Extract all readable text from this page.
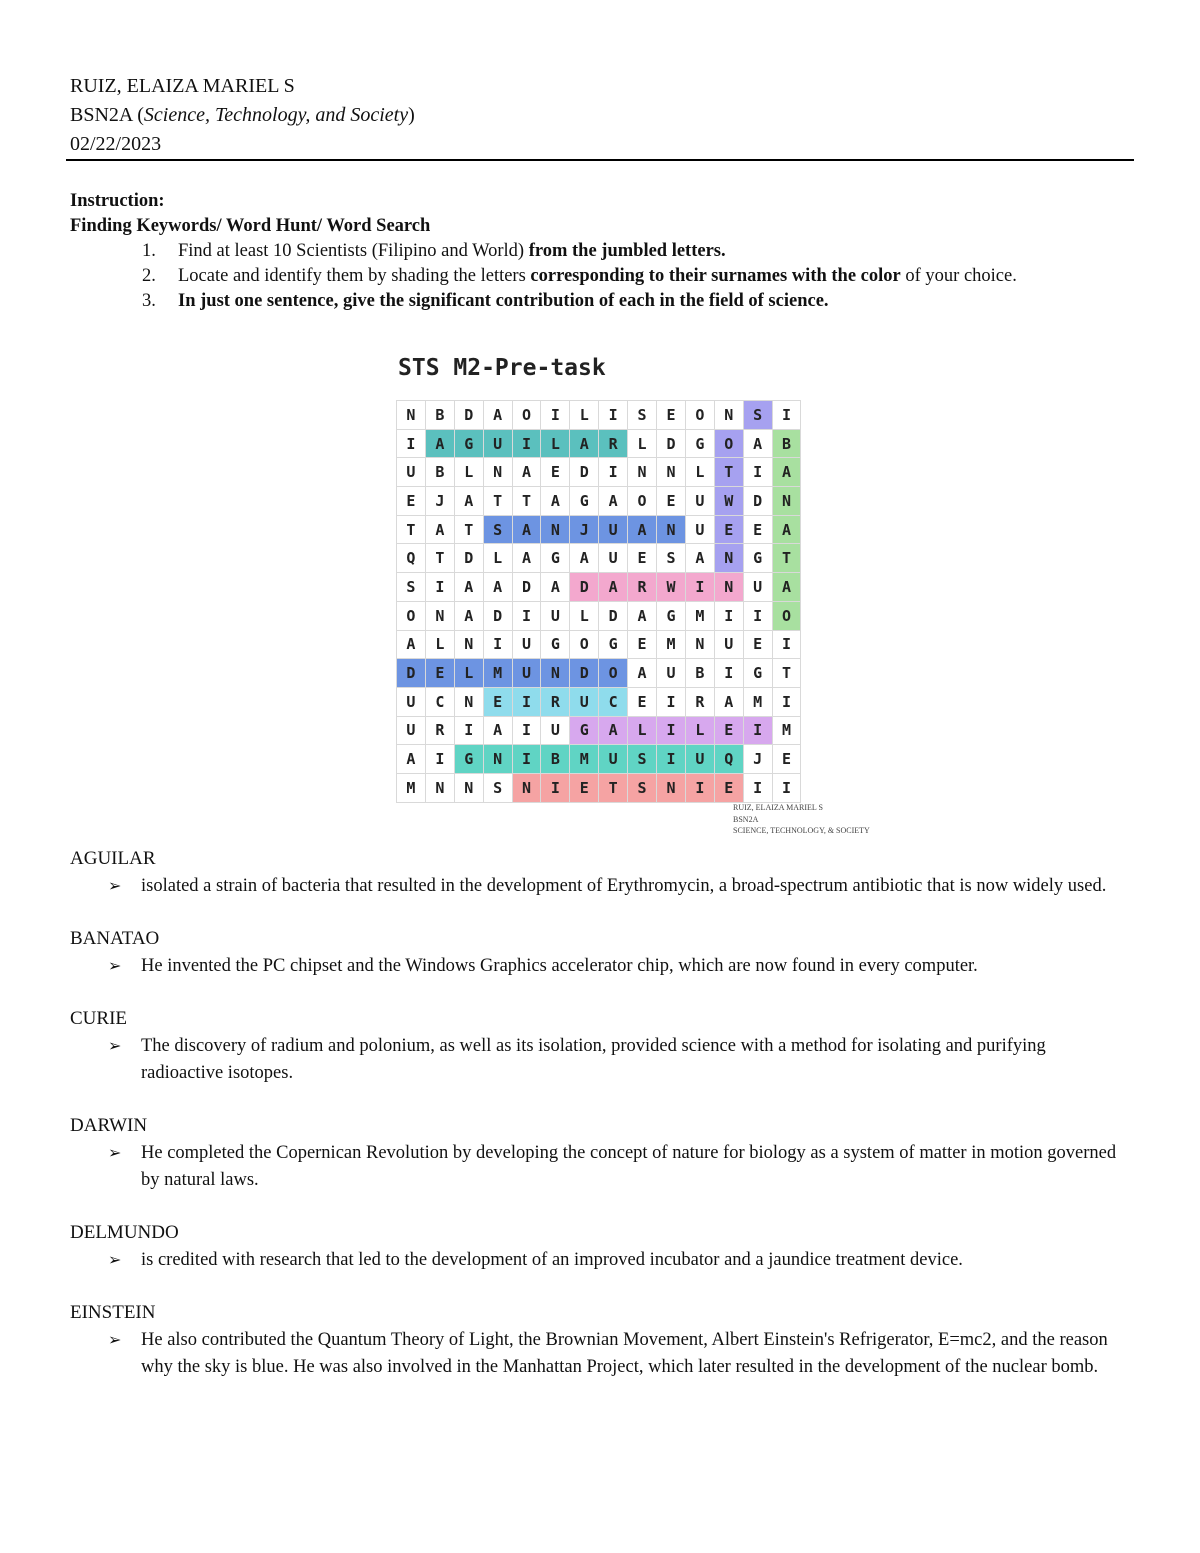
RUIZ, ELAIZA MARIEL S
BSN2A (Science, Technology, and Society)
02/22/2023
Instruction:
Finding Keywords/ Word Hunt/ Word Search
1. Find at least 10 Scientists (Filipino and World) from the jumbled letters.
2. Locate and identify them by shading the letters corresponding to their surnames with the color of your choice.
3. In just one sentence, give the significant contribution of each in the field of science.
STS M2-Pre-task
N	B	D	A	O	I	L	I	S	E	O	N	S	I
I	A	G	U	I	L	A	R	L	D	G	O	A	B
U	B	L	N	A	E	D	I	N	N	L	T	I	A
E	J	A	T	T	A	G	A	O	E	U	W	D	N
T	A	T	S	A	N	J	U	A	N	U	E	E	A
Q	T	D	L	A	G	A	U	E	S	A	N	G	T
S	I	A	A	D	A	D	A	R	W	I	N	U	A
O	N	A	D	I	U	L	D	A	G	M	I	I	O
A	L	N	I	U	G	O	G	E	M	N	U	E	I
D	E	L	M	U	N	D	O	A	U	B	I	G	T
U	C	N	E	I	R	U	C	E	I	R	A	M	I
U	R	I	A	I	U	G	A	L	I	L	E	I	M
A	I	G	N	I	B	M	U	S	I	U	Q	J	E
M	N	N	S	N	I	E	T	S	N	I	E	I	I
RUIZ, ELAIZA MARIEL S
BSN2A
SCIENCE, TECHNOLOGY, & SOCIETY
AGUILAR
➢ isolated a strain of bacteria that resulted in the development of Erythromycin, a broad-spectrum antibiotic that is now widely used.
BANATAO
➢ He invented the PC chipset and the Windows Graphics accelerator chip, which are now found in every computer.
CURIE
➢ The discovery of radium and polonium, as well as its isolation, provided science with a method for isolating and purifying radioactive isotopes.
DARWIN
➢ He completed the Copernican Revolution by developing the concept of nature for biology as a system of matter in motion governed by natural laws.
DELMUNDO
➢ is credited with research that led to the development of an improved incubator and a jaundice treatment device.
EINSTEIN
➢ He also contributed the Quantum Theory of Light, the Brownian Movement, Albert Einstein's Refrigerator, E=mc2, and the reason why the sky is blue. He was also involved in the Manhattan Project, which later resulted in the development of the nuclear bomb.
